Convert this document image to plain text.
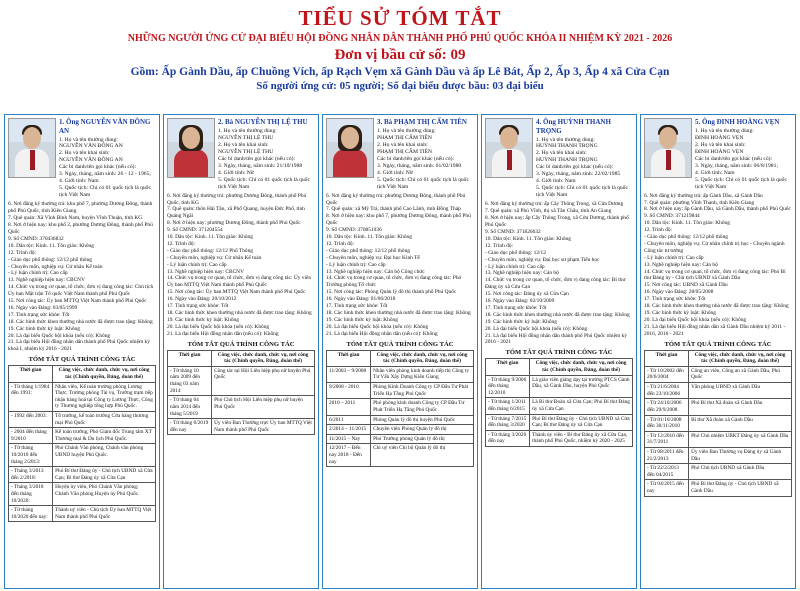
TIỂU SỬ TÓM TẮT
NHỮNG NGƯỜI ỨNG CỬ ĐẠI BIỂU HỘI ĐỒNG NHÂN DÂN THÀNH PHỐ PHÚ QUỐC KHÓA II NHIỆM KỲ 2021 - 2026
Đơn vị bầu cử số: 09
Gồm: Ấp Gành Dầu, ấp Chuồng Vích, ấp Rạch Vẹm xã Gành Dầu và ấp Lê Bát, Ấp 2, Ấp 3, Ấp 4 xã Cửa Cạn
Số người ứng cử: 05 người; Số đại biểu được bầu: 03 đại biểu
1. Ông NGUYỄN VĂN ĐÔNG AN
1. Họ và tên thường dùng:
NGUYỄN VĂN ĐÔNG AN
2. Họ và tên khai sinh:
NGUYỄN VĂN ĐÔNG AN
Các bí danh/tên gọi khác (nếu có):
3. Ngày, tháng, năm sinh: 26 - 12 - 1965;
4. Giới tính: Nam
5. Quốc tịch: Chỉ có 01 quốc tịch là quốc tịch Việt Nam

6. Nơi đăng ký thường trú: khu phố 7, phường Dương Đông, thành phố Phú Quốc, tỉnh Kiên Giang

7. Quê quán: Xã Vĩnh Bình Nam, huyện Vĩnh Thuận, tỉnh KG

8. Nơi ở hiện nay: khu phố 2, phường Dương Đông, thành phố Phú Quốc

9. Số CMND: 370436832

10. Dân tộc: Kinh. 11. Tôn giáo: Không

12. Trình độ:

- Giáo dục phổ thông: 12/12 phổ thông

- Chuyên môn, nghiệp vụ: Cử nhân Kế toán

- Lý luận chính trị: Cao cấp

13. Nghề nghiệp hiện nay: CBCNV

14. Chức vụ trong cơ quan, tổ chức, đơn vị đang công tác: Chủ tịch Ủy ban Mặt trận Tổ quốc Việt Nam thành phố Phú Quốc

15. Nơi công tác: Ủy ban MTTQ Việt Nam thành phố Phú Quốc

16. Ngày vào Đảng: 03/05/1999

17. Tình trạng sức khỏe: Tốt

18. Các hình thức khen thưởng nhà nước đã được trao tặng: Không

19. Các hình thức kỷ luật: Không

20. Là đại biểu Quốc hội khóa (nếu có): Không

21. Là đại biểu Hội đồng nhân dân thành phố Phú Quốc nhiệm kỳ khoá I, nhiệm kỳ 2016 - 2021

TÓM TẮT QUÁ TRÌNH CÔNG TÁC
Thời gian	Công việc, chức danh, chức vụ, nơi công tác (Chính quyền, Đảng, đoàn thể)
- Từ tháng 1/1984 đến 1991:	Nhân viên, Kế toán trường phòng Lương Thực; Trường phòng Tài vụ, Trường trạm tiếp nhận hàng hoá tại Công ty Lương Thực, Công ty Thương nghiệp tổng hợp Phú Quốc.
- 1992 đến 2003:	Tổ trưởng, kế toán trưởng Cửa hàng thương mại Phú Quốc
- 2004 đến tháng 9/2010	Kế toán trưởng, Phó Giám đốc Trung tâm XT Thương mại & Du lịch Phú Quốc.
- Từ tháng 10/2010 đến tháng 2/2013:	Phó Chánh Văn phòng, Chánh văn phòng UBND huyện Phú Quốc.
- Tháng 3/2013 đến 2/2018:	Phó Bí thư Đảng ủy - Chủ tịch UBND xã Cửa Cạn; Bí thư Đảng ủy xã Cửa Cạn
- Tháng 3/2018 đến tháng 10/2020:	Huyện ủy viên, Phó Chánh Văn phòng; Chánh Văn phòng Huyện ủy Phú Quốc.
- Từ tháng 10/2020 đến nay:	Thành uỷ viên - Chủ tịch Ủy ban MTTQ Việt Nam thành phố Phú Quốc
2. Bà NGUYỄN THỊ LỆ THU
1. Họ và tên thường dùng:
NGUYỄN THỊ LỆ THU
2. Họ và tên khai sinh:
NGUYỄN THỊ LỆ THU
Các bí danh/tên gọi khác (nếu có):
3. Ngày, tháng, năm sinh: 21/10/1988
4. Giới tính: Nữ
5. Quốc tịch: Chỉ có 01 quốc tịch là quốc tịch Việt Nam

6. Nơi đăng ký thường trú: phường Dương Đông, thành phố Phú Quốc, tỉnh KG

7. Quê quán: thôn Hải Tân, xã Phổ Quang, huyện Đức Phổ, tỉnh Quảng Ngãi

8. Nơi ở hiện nay: phường Dương Đông, thành phố Phú Quốc

9. Số CMND: 371204554

10. Dân tộc: Kinh. 11. Tôn giáo: Không

12. Trình độ:

- Giáo dục phổ thông: 12/12 Phổ Thông

- Chuyên môn, nghiệp vụ: Cử nhân Kế toán

- Lý luận chính trị: Cao cấp

13. Nghề nghiệp hiện nay: CBCNV

14. Chức vụ trong cơ quan, tổ chức, đơn vị đang công tác: Ủy viên Ủy ban MTTQ Việt Nam thành phố Phú Quốc

15. Nơi công tác: Ủy ban MTTQ Việt Nam thành phố Phú Quốc

16. Ngày vào Đảng: 20/10/2012

17. Tình trạng sức khỏe: Tốt

18. Các hình thức khen thưởng nhà nước đã được trao tặng: Không

19. Các hình thức kỷ luật: Không

20. Là đại biểu Quốc hội khóa (nếu có): Không

21. Là đại biểu Hội đồng nhân dân (nếu có): Không

TÓM TẮT QUÁ TRÌNH CÔNG TÁC
Thời gian	Công việc, chức danh, chức vụ, nơi công tác (Chính quyền, Đảng, đoàn thể)
- Từ tháng 10 năm 2009 đến tháng 03 năm 2014	Công tác tại Hội Liên hiệp phụ nữ huyện Phú Quốc
- Từ tháng 04 năm 2014 đến tháng 5/2019	Phó Chủ tịch Hội Liên hiệp phụ nữ huyện Phú Quốc
- Từ tháng 6/2019 đến nay	Ủy viên Ban Thường trực Ủy ban MTTQ Việt Nam thành phố Phú Quốc
3. Bà PHẠM THỊ CẨM TIÊN
1. Họ và tên thường dùng:
PHẠM THỊ CẨM TIÊN
2. Họ và tên khai sinh:
PHẠM THỊ CẨM TIÊN
Các bí danh/tên gọi khác (nếu có):
3. Ngày, tháng, năm sinh: 01/02/1980
4. Giới tính: Nữ
5. Quốc tịch: Chỉ có 01 quốc tịch là quốc tịch Việt Nam

6. Nơi đăng ký thường trú: phường Dương Đông, thành phố Phú Quốc

7. Quê quán: xã Mỹ Trà, thành phố Cao Lãnh, tỉnh Đồng Tháp

8. Nơi ở hiện nay: khu phố 7, phường Dương Đông, thành phố Phú Quốc

9. Số CMND: 370851036

10. Dân tộc: Kinh. 11. Tôn giáo: Không

12. Trình độ:

- Giáo dục phổ thông: 12/12 phổ thông

- Chuyên môn, nghiệp vụ: Đại học Kinh Tế

- Lý luận chính trị: Cao cấp

13. Nghề nghiệp hiện nay: Cán bộ Công chức

14. Chức vụ trong cơ quan, tổ chức, đơn vị đang công tác: Phó Trưởng phòng Tổ chức

15. Nơi công tác: Phòng Quản lý đô thị thành phố Phú Quốc

16. Ngày vào Đảng: 01/06/2018

17. Tình trạng sức khỏe: Tốt

18. Các hình thức khen thưởng nhà nước đã được trao tặng: Không

19. Các hình thức kỷ luật: Không

20. Là đại biểu Quốc hội khóa (nếu có): Không

21. Là đại biểu Hội đồng nhân dân (nếu có): Không

TÓM TẮT QUÁ TRÌNH CÔNG TÁC
Thời gian	Công việc, chức danh, chức vụ, nơi công tác (Chính quyền, Đảng, đoàn thể)
11/2003 – 9/2008	Nhân viên phòng kinh doanh tiếp thị Công ty Tư Vấn Xây Dựng Kiên Giang
9/2008 - 2010	Phòng Kinh Doanh Công ty CP Đầu Tư Phát Triển Hạ Tầng Phú Quốc
2010 – 2011	Phó phòng kinh doanh Công ty CP Đầu Tư Phát Triển Hạ Tầng Phú Quốc
6/2011	Phòng Quản lý đô thị huyện Phú Quốc
2/2014 – 11/2015	Chuyên viên Phòng Quản lý đô thị
11/2015 – Nay	Phó Trưởng phòng Quản lý đô thị
12/2017 – Đến nay 2018 - Đến nay	Chi uỷ viên Chi bộ Quản lý đô thị
4. Ông HUỲNH THANH TRỌNG
1. Họ và tên thường dùng:
HUỲNH THANH TRỌNG
2. Họ và tên khai sinh:
HUỲNH THANH TRỌNG
Các bí danh/tên gọi khác (nếu có):
3. Ngày, tháng, năm sinh: 22/02/1985
4. Giới tính: Nam
5. Quốc tịch: Chỉ có 01 quốc tịch là quốc tịch Việt Nam

6. Nơi đăng ký thường trú: ấp Cây Thông Trong, xã Cửa Dương

7. Quê quán: xã Phú Vĩnh, thị xã Tân Châu, tỉnh An Giang

8. Nơi ở hiện nay: ấp Cây Thông Trong, xã Cửa Dương, thành phố Phú Quốc

9. Số CMND: 371826632

10. Dân tộc: Kinh. 11. Tôn giáo: Không

12. Trình độ:

- Giáo dục phổ thông: 12/12

- Chuyên môn, nghiệp vụ: Đại học sư phạm Tiểu học

- Lý luận chính trị: Cao cấp

13. Nghề nghiệp hiện nay: Cán bộ

14. Chức vụ trong cơ quan, tổ chức, đơn vị đang công tác: Bí thư Đảng ủy xã Cửa Cạn

15. Nơi công tác: Đảng ủy xã Cửa Cạn

16. Ngày vào Đảng: 02/10/2009

17. Tình trạng sức khỏe: Tốt

18. Các hình thức khen thưởng nhà nước đã được trao tặng: Không

19. Các hình thức kỷ luật: Không

20. Là đại biểu Quốc hội khóa (nếu có): Không

21. Là đại biểu Hội đồng nhân dân thành phố Phú Quốc nhiệm kỳ 2016 - 2021

TÓM TẮT QUÁ TRÌNH CÔNG TÁC
Thời gian	Công việc, chức danh, chức vụ, nơi công tác (Chính quyền, Đảng, đoàn thể)
- Từ tháng 9/2006 đến tháng 12/2010	Là giáo viên giảng dạy tại trường PTCS Gành Dầu, xã Gành Dầu, huyện Phú Quốc
- Từ tháng 1/2011 đến tháng 6/2015	Là Bí thư Đoàn xã Cửa Cạn; Phó Bí thư Đảng ủy xã Cửa Cạn
- Từ tháng 7/2015 đến tháng 3/2020	Phó Bí thư Đảng ủy - Chủ tịch UBND xã Cửa Cạn; Bí thư Đảng ủy xã Cửa Cạn
- Từ tháng 3/2020 đến nay	Thành ủy viên - Bí thư Đảng ủy xã Cửa Cạn, thành phố Phú Quốc, nhiệm kỳ 2020 - 2025
5. Ông ĐINH HOÀNG VẸN
1. Họ và tên thường dùng:
ĐINH HOÀNG VẸN
2. Họ và tên khai sinh:
ĐINH HOÀNG VẸN
Các bí danh/tên gọi khác (nếu có):
3. Ngày, tháng, năm sinh: 06/8/1981;
4. Giới tính: Nam
5. Quốc tịch: Chỉ có 01 quốc tịch là quốc tịch Việt Nam

6. Nơi đăng ký thường trú: ấp Gành Dầu, xã Gành Dầu

7. Quê quán: phường Vĩnh Thanh, tỉnh Kiên Giang

8. Nơi ở hiện nay: ấp Gành Dầu, xã Gành Dầu, thành phố Phú Quốc

9. Số CMND: 371219844

10. Dân tộc: Kinh. 11. Tôn giáo: Không

12. Trình độ:

- Giáo dục phổ thông: 12/12 phổ thông

- Chuyên môn, nghiệp vụ: Cử nhân chính trị học - Chuyên ngành Công tác tư tưởng

- Lý luận chính trị: Cao cấp

13. Nghề nghiệp hiện nay: Cán bộ

14. Chức vụ trong cơ quan, tổ chức, đơn vị đang công tác: Phó Bí thư Đảng ủy - Chủ tịch UBND xã Gành Dầu

15. Nơi công tác: UBND xã Gành Dầu

16. Ngày vào Đảng: 28/05/2008

17. Tình trạng sức khỏe: Tốt

18. Các hình thức khen thưởng nhà nước đã được trao tặng: Không

19. Các hình thức kỷ luật: Không

20. Là đại biểu Quốc hội khóa (nếu có): Không

21. Là đại biểu Hội đồng nhân dân xã Gành Dầu nhiệm kỳ 2011 - 2016, 2016 - 2021

TÓM TẮT QUÁ TRÌNH CÔNG TÁC
Thời gian	Công việc, chức danh, chức vụ, nơi công tác (Chính quyền, Đảng, đoàn thể)
- Từ 10/2002 đến 20/6/2004	Công an viên, Công an xã Gành Dầu, Phú Quốc
- Từ 21/6/2004 đến 23/10/2006	Văn phòng UBND xã Gành Dầu
- Từ 24/10/2006 đến 29/9/2008	Phó Bí thư Xã đoàn xã Gành Dầu
- Từ 01/10/2008 đến 30/11/2010	Bí thư Xã đoàn xã Gành Dầu
- Từ 12/2010 đến 31/7/2011	Phó Chủ nhiệm UBKT Đảng ủy xã Gành Dầu
- Từ 08/2011 đến 21/2/2013	Ủy viên Ban Thường vụ Đảng ủy xã Gành Dầu
- Từ 22/2/2013 đến 04/2015	Phó Chủ tịch UBND xã Gành Dầu
- Từ 04/2015 đến nay	Phó Bí thư Đảng ủy - Chủ tịch UBND xã Gành Dầu
